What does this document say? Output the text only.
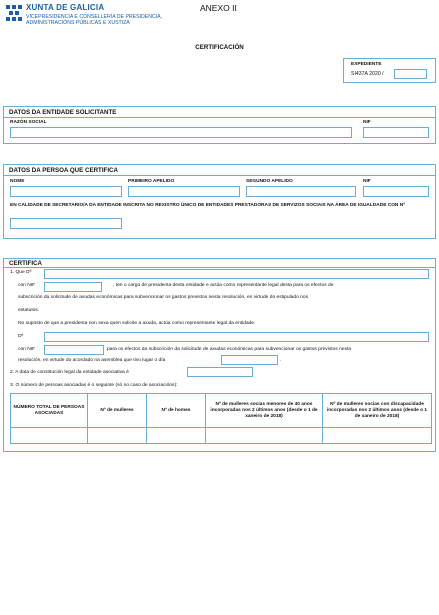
XUNTA DE GALICIA
VICEPRESIDENCIA E CONSELLERÍA DE PRESIDENCIA,
ADMINISTRACIÓNS PÚBLICAS E XUSTIZA
ANEXO II
CERTIFICACIÓN
EXPEDIENTE
SI437A 2020 /
DATOS DA ENTIDADE SOLICITANTE
RAZÓN SOCIAL	NIF
DATOS DA PERSOA QUE CERTIFICA
NOME	PRIMEIRO APELIDO	SEGUNDO APELIDO	NIF
EN CALIDADE DE SECRETARIO/A DA ENTIDADE INSCRITA NO REXISTRO ÚNICO DE ENTIDADES PRESTADORAS DE SERVIZOS SOCIAIS NA ÁREA DE IGUALDADE CON Nº
CERTIFICA
1. Que Dª
con NIF	, ten o cargo de presidenta desta entidade e actúa como representante legal desta para os efectos de
subscrición da solicitude de axudas económicas para subvencionar os gastos previstos nesta resolución, en virtude do estipulado nos
estatutos.
No suposto de que a presidenta non sexa quen solicite a axuda, actúa como representante legal da entidade.
Dª
con NIF	para os efectos da subscrición da solicitude de axudas económicas para subvencionar os gastos previstos nesta
resolución, en virtude do acordado na asemblea que tivo lugar o día	.
2. A data de constitución legal da entidade asociativa é
3. O número de persoas asociadas é o seguinte (só no caso de asociacións):
NÚMERO TOTAL DE PERSOAS ASOCIADAS	Nº de mulleres	Nº de homes	Nº de mulleres socias menores de 40 anos incorporadas nos 2 últimos anos (desde o 1 de xaneiro de 2018)	Nº de mulleres socias con discapacidade incorporadas nos 2 últimos anos (desde o 1 de xaneiro de 2018)
